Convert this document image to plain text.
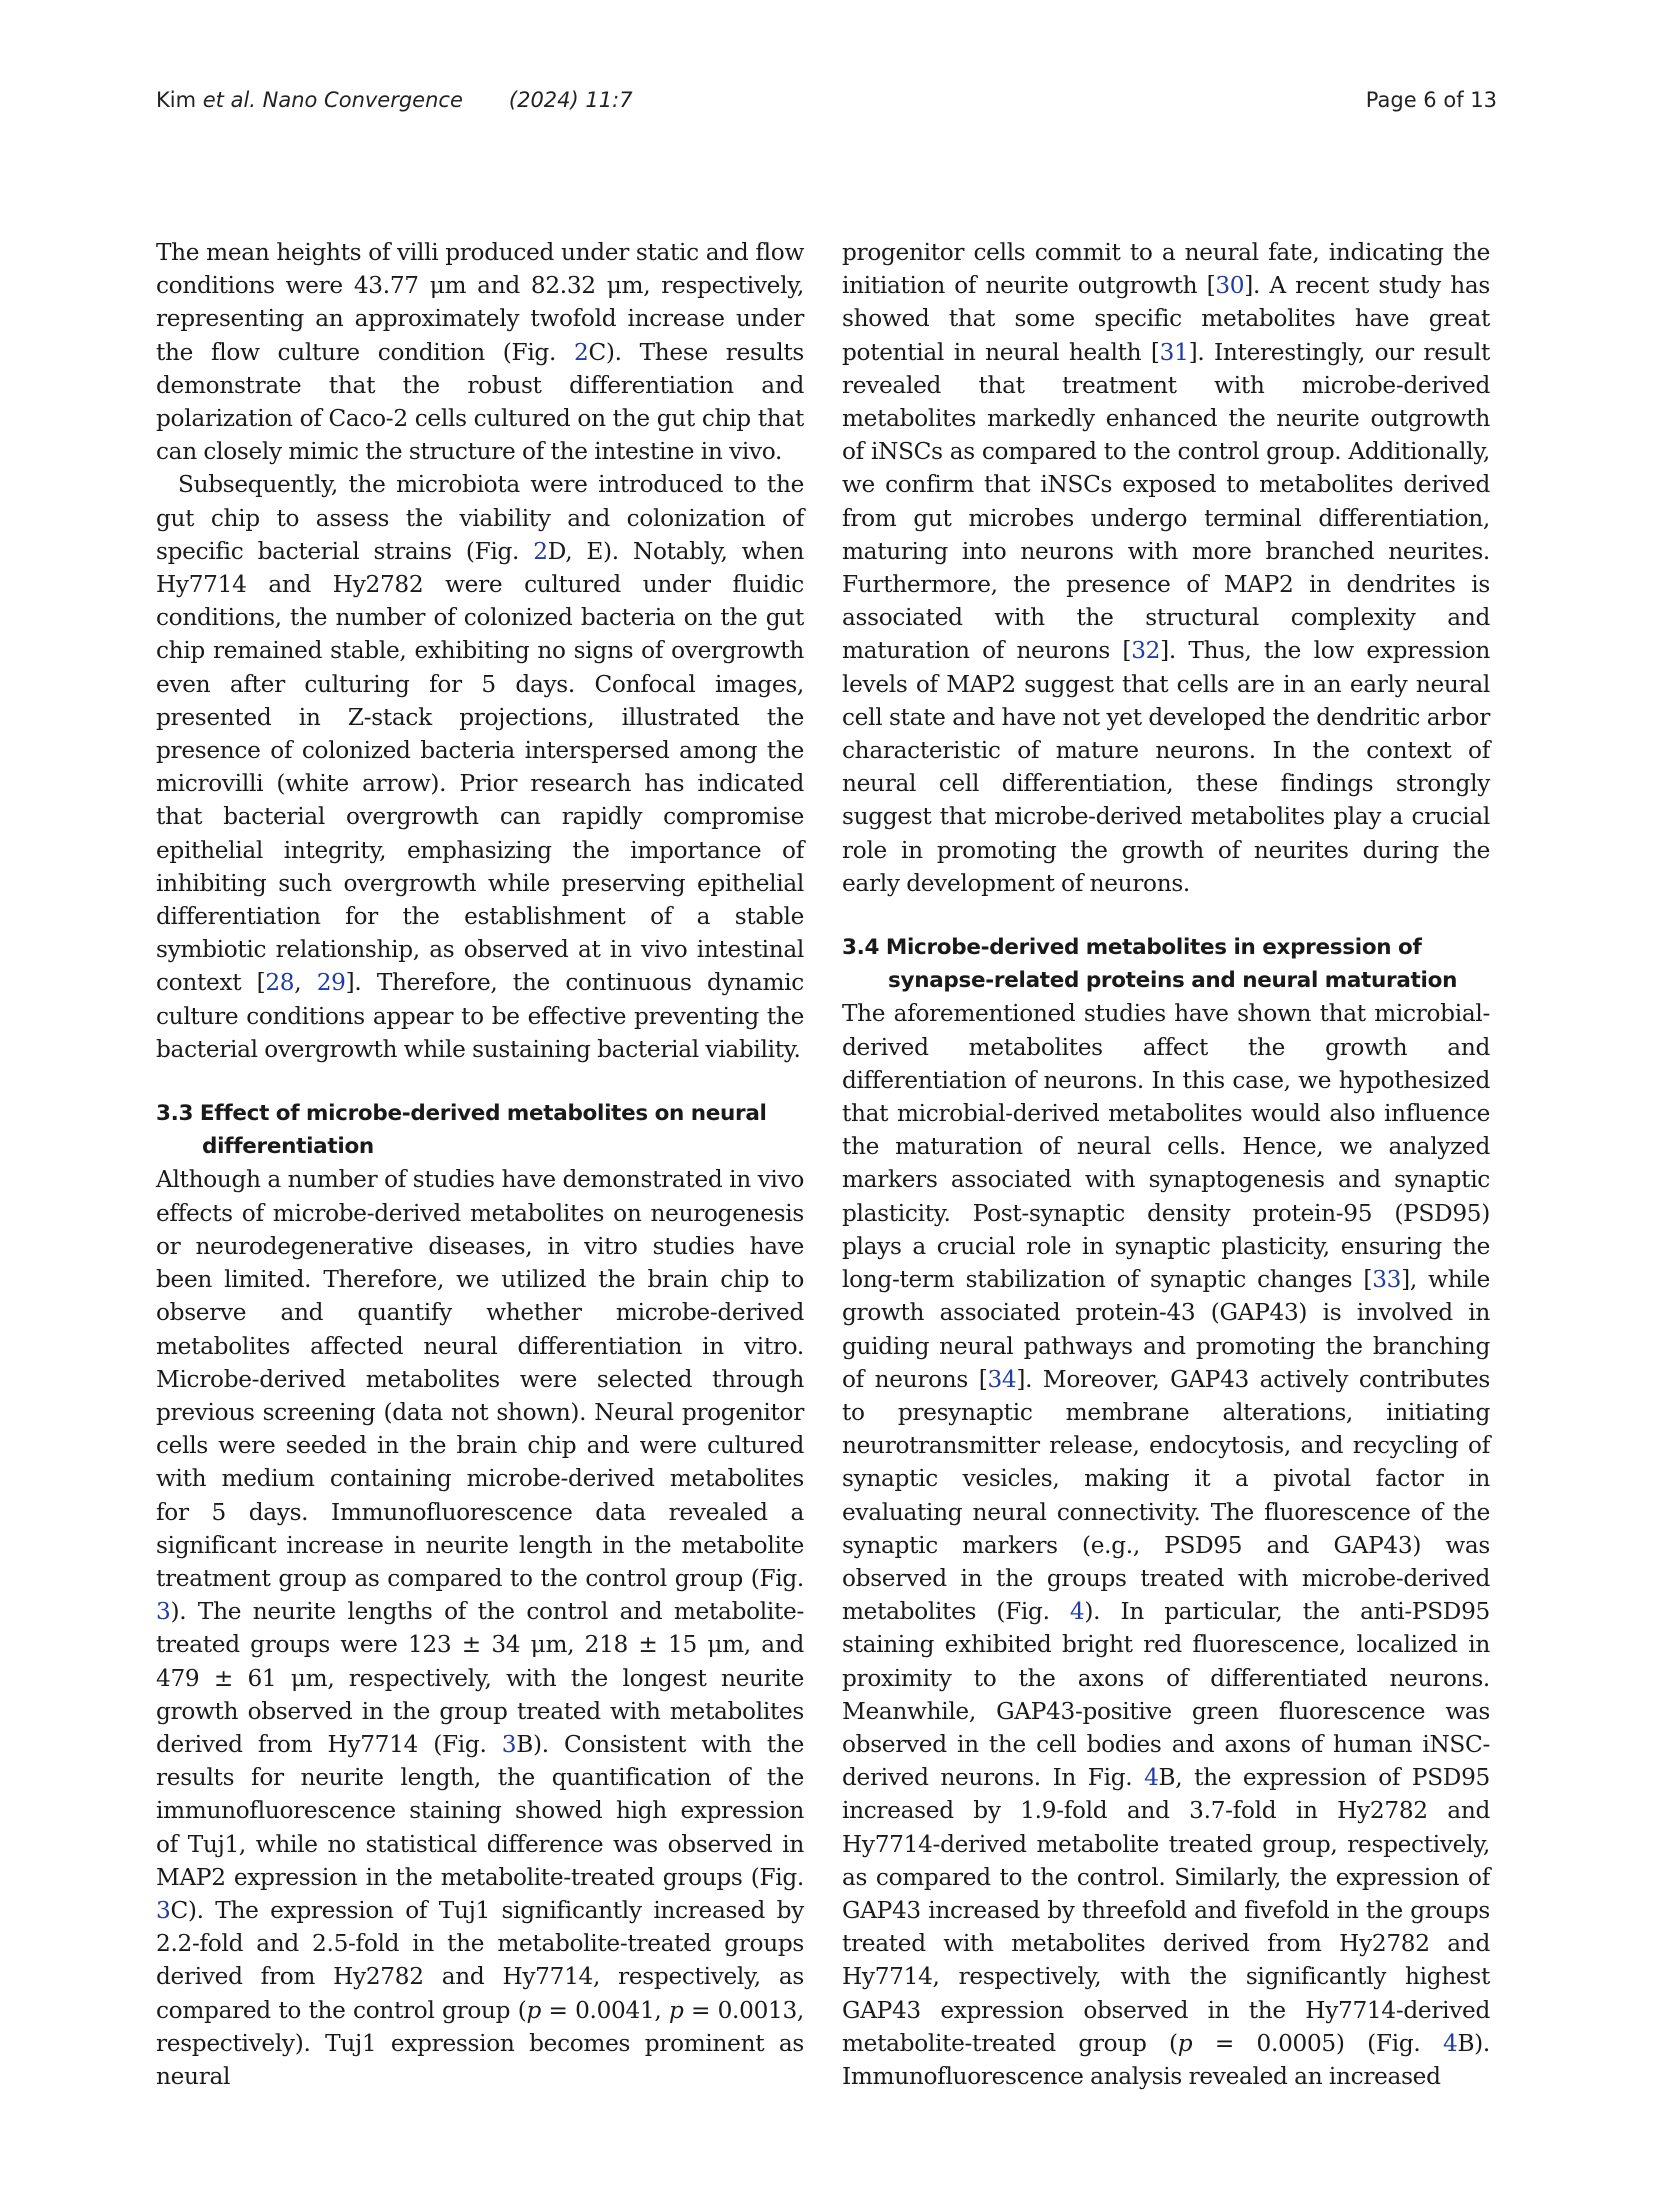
Kim et al. Nano Convergence (2024) 11:7	Page 6 of 13

The mean heights of villi produced under static and flow conditions were 43.77 μm and 82.32 μm, respectively, representing an approximately twofold increase under the flow culture condition (Fig. 2C). These results demonstrate that the robust differentiation and polarization of Caco-2 cells cultured on the gut chip that can closely mimic the structure of the intestine in vivo.

Subsequently, the microbiota were introduced to the gut chip to assess the viability and colonization of specific bacterial strains (Fig. 2D, E). Notably, when Hy7714 and Hy2782 were cultured under fluidic conditions, the number of colonized bacteria on the gut chip remained stable, exhibiting no signs of overgrowth even after culturing for 5 days. Confocal images, presented in Z-stack projections, illustrated the presence of colonized bacteria interspersed among the microvilli (white arrow). Prior research has indicated that bacterial overgrowth can rapidly compromise epithelial integrity, emphasizing the importance of inhibiting such overgrowth while preserving epithelial differentiation for the establishment of a stable symbiotic relationship, as observed at in vivo intestinal context [28, 29]. Therefore, the continuous dynamic culture conditions appear to be effective preventing the bacterial overgrowth while sustaining bacterial viability.

3.3 Effect of microbe-derived metabolites on neural differentiation

Although a number of studies have demonstrated in vivo effects of microbe-derived metabolites on neurogenesis or neurodegenerative diseases, in vitro studies have been limited. Therefore, we utilized the brain chip to observe and quantify whether microbe-derived metabolites affected neural differentiation in vitro. Microbe-derived metabolites were selected through previous screening (data not shown). Neural progenitor cells were seeded in the brain chip and were cultured with medium containing microbe-derived metabolites for 5 days. Immunofluorescence data revealed a significant increase in neurite length in the metabolite treatment group as compared to the control group (Fig. 3). The neurite lengths of the control and metabolite-treated groups were 123 ± 34 μm, 218 ± 15 μm, and 479 ± 61 μm, respectively, with the longest neurite growth observed in the group treated with metabolites derived from Hy7714 (Fig. 3B). Consistent with the results for neurite length, the quantification of the immunofluorescence staining showed high expression of Tuj1, while no statistical difference was observed in MAP2 expression in the metabolite-treated groups (Fig. 3C). The expression of Tuj1 significantly increased by 2.2-fold and 2.5-fold in the metabolite-treated groups derived from Hy2782 and Hy7714, respectively, as compared to the control group (p = 0.0041, p = 0.0013, respectively). Tuj1 expression becomes prominent as neural

progenitor cells commit to a neural fate, indicating the initiation of neurite outgrowth [30]. A recent study has showed that some specific metabolites have great potential in neural health [31]. Interestingly, our result revealed that treatment with microbe-derived metabolites markedly enhanced the neurite outgrowth of iNSCs as compared to the control group. Additionally, we confirm that iNSCs exposed to metabolites derived from gut microbes undergo terminal differentiation, maturing into neurons with more branched neurites. Furthermore, the presence of MAP2 in dendrites is associated with the structural complexity and maturation of neurons [32]. Thus, the low expression levels of MAP2 suggest that cells are in an early neural cell state and have not yet developed the dendritic arbor characteristic of mature neurons. In the context of neural cell differentiation, these findings strongly suggest that microbe-derived metabolites play a crucial role in promoting the growth of neurites during the early development of neurons.

3.4 Microbe-derived metabolites in expression of synapse-related proteins and neural maturation

The aforementioned studies have shown that microbial-derived metabolites affect the growth and differentiation of neurons. In this case, we hypothesized that microbial-derived metabolites would also influence the maturation of neural cells. Hence, we analyzed markers associated with synaptogenesis and synaptic plasticity. Post-synaptic density protein-95 (PSD95) plays a crucial role in synaptic plasticity, ensuring the long-term stabilization of synaptic changes [33], while growth associated protein-43 (GAP43) is involved in guiding neural pathways and promoting the branching of neurons [34]. Moreover, GAP43 actively contributes to presynaptic membrane alterations, initiating neurotransmitter release, endocytosis, and recycling of synaptic vesicles, making it a pivotal factor in evaluating neural connectivity. The fluorescence of the synaptic markers (e.g., PSD95 and GAP43) was observed in the groups treated with microbe-derived metabolites (Fig. 4). In particular, the anti-PSD95 staining exhibited bright red fluorescence, localized in proximity to the axons of differentiated neurons. Meanwhile, GAP43-positive green fluorescence was observed in the cell bodies and axons of human iNSC-derived neurons. In Fig. 4B, the expression of PSD95 increased by 1.9-fold and 3.7-fold in Hy2782 and Hy7714-derived metabolite treated group, respectively, as compared to the control. Similarly, the expression of GAP43 increased by threefold and fivefold in the groups treated with metabolites derived from Hy2782 and Hy7714, respectively, with the significantly highest GAP43 expression observed in the Hy7714-derived metabolite-treated group (p = 0.0005) (Fig. 4B). Immunofluorescence analysis revealed an increased
